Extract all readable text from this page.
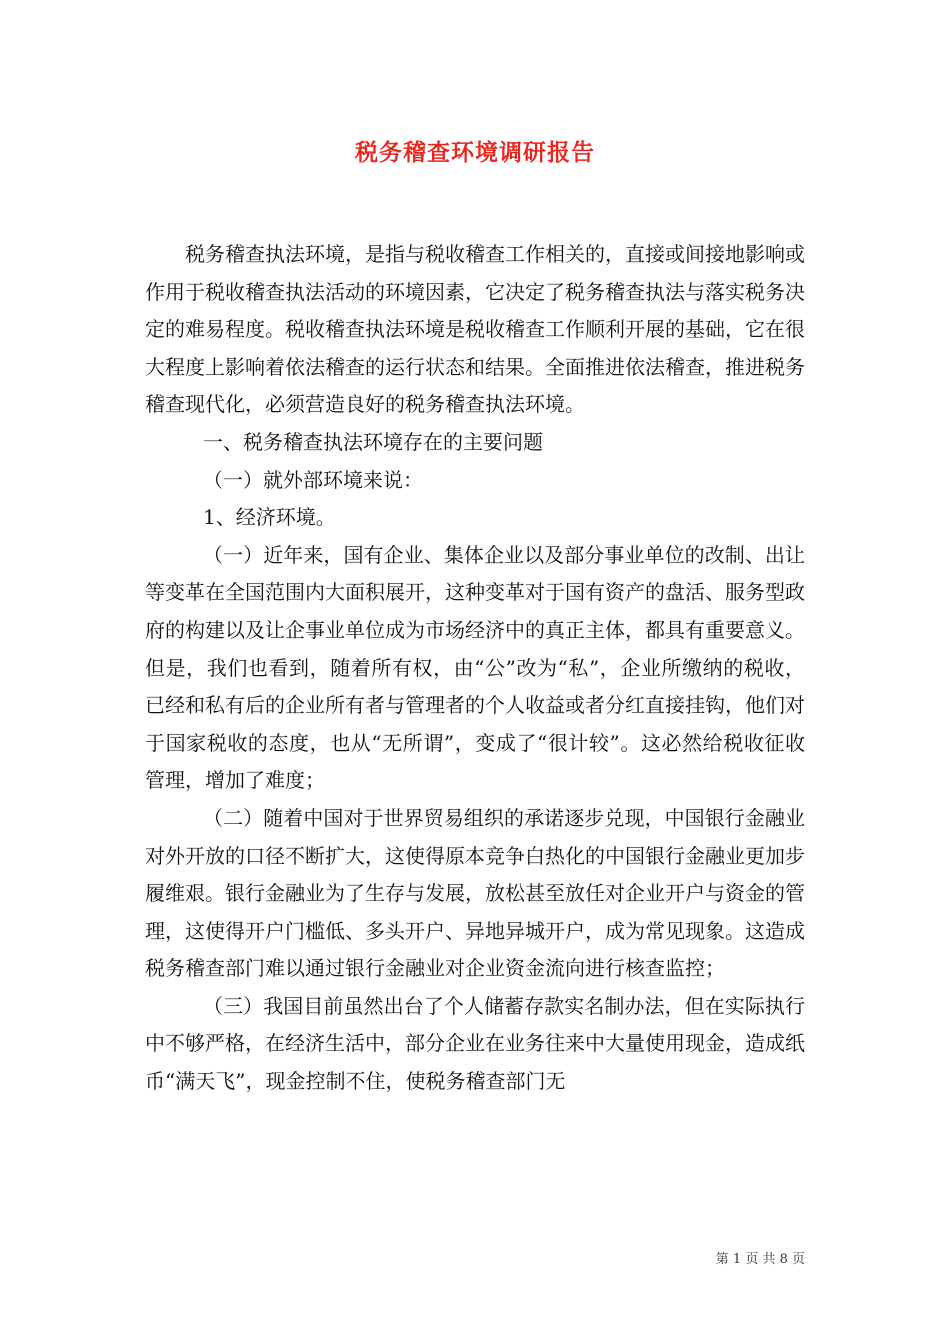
税务稽查环境调研报告

税务稽查执法环境，是指与税收稽查工作相关的，直接或间接地影响或作用于税收稽查执法活动的环境因素，它决定了税务稽查执法与落实税务决定的难易程度。税收稽查执法环境是税收稽查工作顺利开展的基础，它在很大程度上影响着依法稽查的运行状态和结果。全面推进依法稽查，推进税务稽查现代化，必须营造良好的税务稽查执法环境。

一、税务稽查执法环境存在的主要问题

（一）就外部环境来说：

1、经济环境。

（一）近年来，国有企业、集体企业以及部分事业单位的改制、出让等变革在全国范围内大面积展开，这种变革对于国有资产的盘活、服务型政府的构建以及让企事业单位成为市场经济中的真正主体，都具有重要意义。但是，我们也看到，随着所有权，由“公”改为“私”，企业所缴纳的税收，已经和私有后的企业所有者与管理者的个人收益或者分红直接挂钩，他们对于国家税收的态度，也从“无所谓”，变成了“很计较”。这必然给税收征收管理，增加了难度；

（二）随着中国对于世界贸易组织的承诺逐步兑现，中国银行金融业对外开放的口径不断扩大，这使得原本竞争白热化的中国银行金融业更加步履维艰。银行金融业为了生存与发展，放松甚至放任对企业开户与资金的管理，这使得开户门槛低、多头开户、异地异城开户，成为常见现象。这造成税务稽查部门难以通过银行金融业对企业资金流向进行核查监控；

（三）我国目前虽然出台了个人储蓄存款实名制办法，但在实际执行中不够严格，在经济生活中，部分企业在业务往来中大量使用现金，造成纸币“满天飞”，现金控制不住，使税务稽查部门无

第 1 页 共 8 页
